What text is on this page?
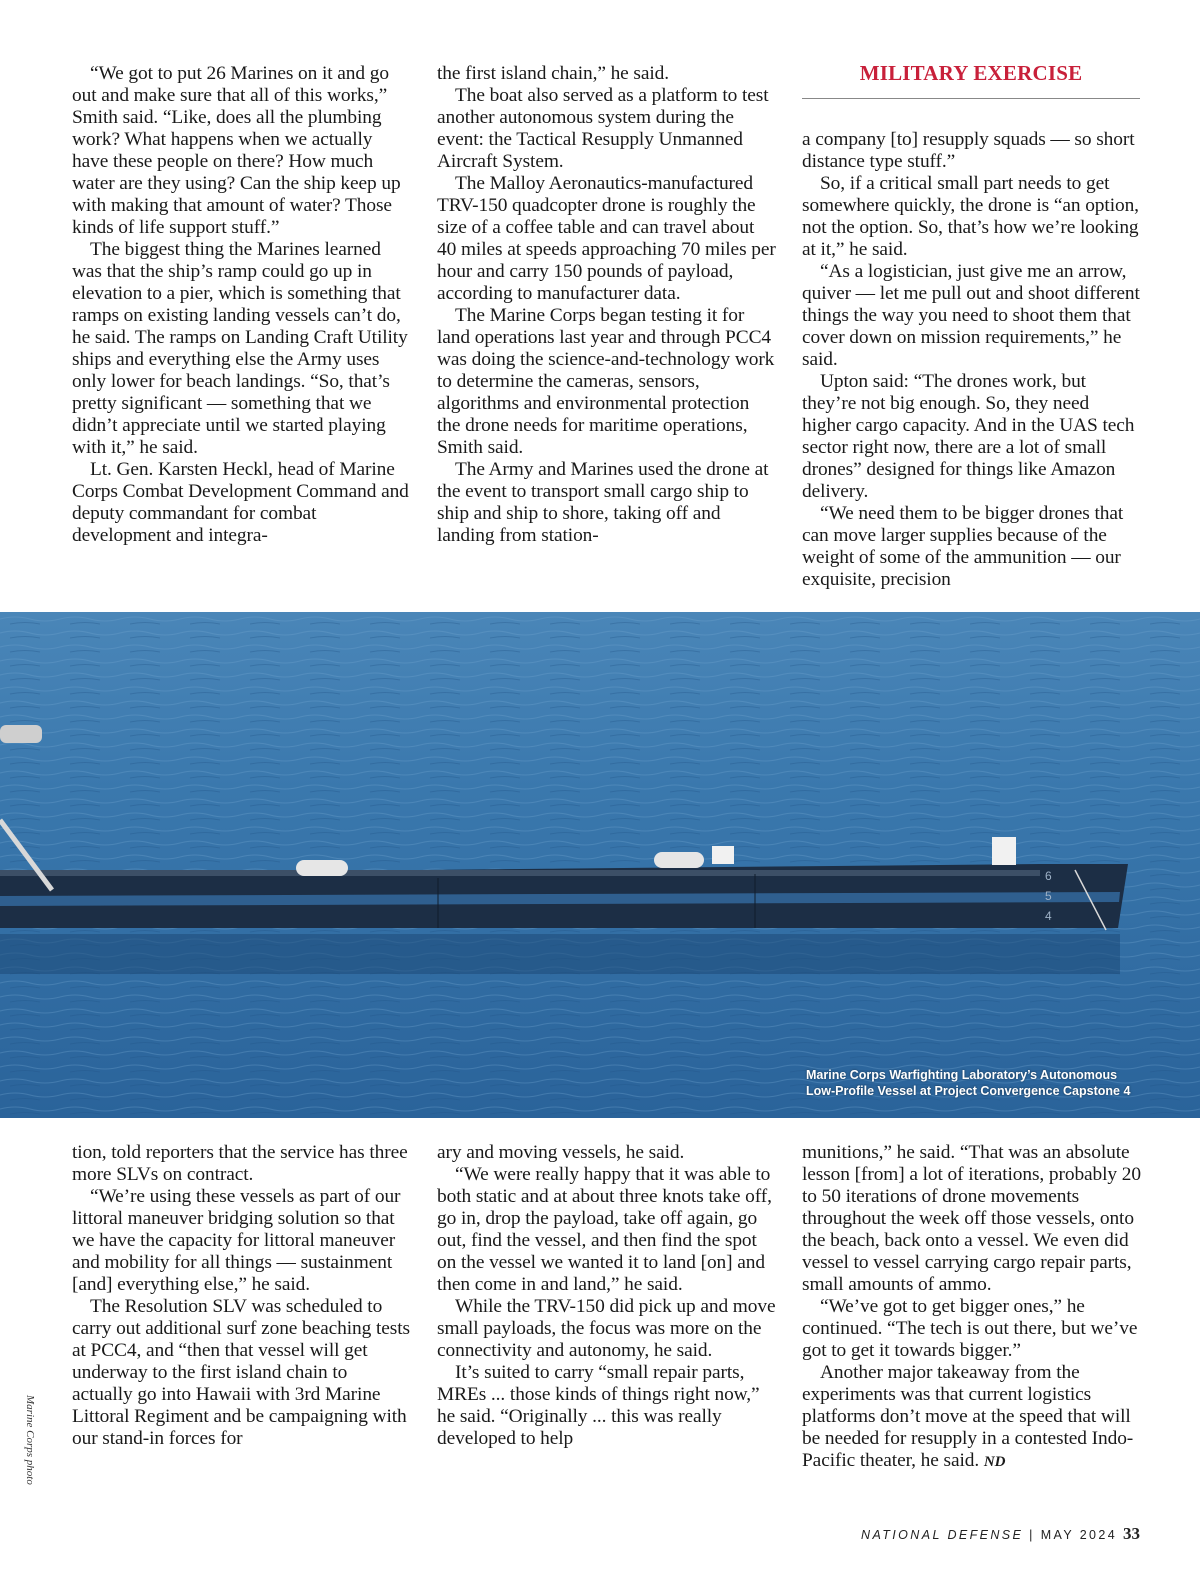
MILITARY EXERCISE

“We got to put 26 Marines on it and go out and make sure that all of this works,” Smith said. “Like, does all the plumbing work? What happens when we actually have these people on there? How much water are they using? Can the ship keep up with making that amount of water? Those kinds of life support stuff.”

The biggest thing the Marines learned was that the ship’s ramp could go up in elevation to a pier, which is something that ramps on existing landing vessels can’t do, he said. The ramps on Landing Craft Utility ships and everything else the Army uses only lower for beach landings. “So, that’s pretty significant — something that we didn’t appreciate until we started playing with it,” he said.

Lt. Gen. Karsten Heckl, head of Marine Corps Combat Development Command and deputy commandant for combat development and integra-

the first island chain,” he said.

The boat also served as a platform to test another autonomous system during the event: the Tactical Resupply Unmanned Aircraft System.

The Malloy Aeronautics-manufactured TRV-150 quadcopter drone is roughly the size of a coffee table and can travel about 40 miles at speeds approaching 70 miles per hour and carry 150 pounds of payload, according to manufacturer data.

The Marine Corps began testing it for land operations last year and through PCC4 was doing the science-and-technology work to determine the cameras, sensors, algorithms and environmental protection the drone needs for maritime operations, Smith said.

The Army and Marines used the drone at the event to transport small cargo ship to ship and ship to shore, taking off and landing from station-

a company [to] resupply squads — so short distance type stuff.”

So, if a critical small part needs to get somewhere quickly, the drone is “an option, not the option. So, that’s how we’re looking at it,” he said.

“As a logistician, just give me an arrow, quiver — let me pull out and shoot different things the way you need to shoot them that cover down on mission requirements,” he said.

Upton said: “The drones work, but they’re not big enough. So, they need higher cargo capacity. And in the UAS tech sector right now, there are a lot of small drones” designed for things like Amazon delivery.

“We need them to be bigger drones that can move larger supplies because of the weight of some of the ammunition — our exquisite, precision

6
5
4
Marine Corps Warfighting Laboratory’s Autonomous
Low-Profile Vessel at Project Convergence Capstone 4

tion, told reporters that the service has three more SLVs on contract.

“We’re using these vessels as part of our littoral maneuver bridging solution so that we have the capacity for littoral maneuver and mobility for all things — sustainment [and] everything else,” he said.

The Resolution SLV was scheduled to carry out additional surf zone beaching tests at PCC4, and “then that vessel will get underway to the first island chain to actually go into Hawaii with 3rd Marine Littoral Regiment and be campaigning with our stand-in forces for

ary and moving vessels, he said.

“We were really happy that it was able to both static and at about three knots take off, go in, drop the payload, take off again, go out, find the vessel, and then find the spot on the vessel we wanted it to land [on] and then come in and land,” he said.

While the TRV-150 did pick up and move small payloads, the focus was more on the connectivity and autonomy, he said.

It’s suited to carry “small repair parts, MREs ... those kinds of things right now,” he said. “Originally ... this was really developed to help

munitions,” he said. “That was an absolute lesson [from] a lot of iterations, probably 20 to 50 iterations of drone movements throughout the week off those vessels, onto the beach, back onto a vessel. We even did vessel to vessel carrying cargo repair parts, small amounts of ammo.

“We’ve got to get bigger ones,” he continued. “The tech is out there, but we’ve got to get it towards bigger.”

Another major takeaway from the experiments was that current logistics platforms don’t move at the speed that will be needed for resupply in a contested Indo-Pacific theater, he said. ND

Marine Corps photo
NATIONAL DEFENSE | MAY 2024 33
